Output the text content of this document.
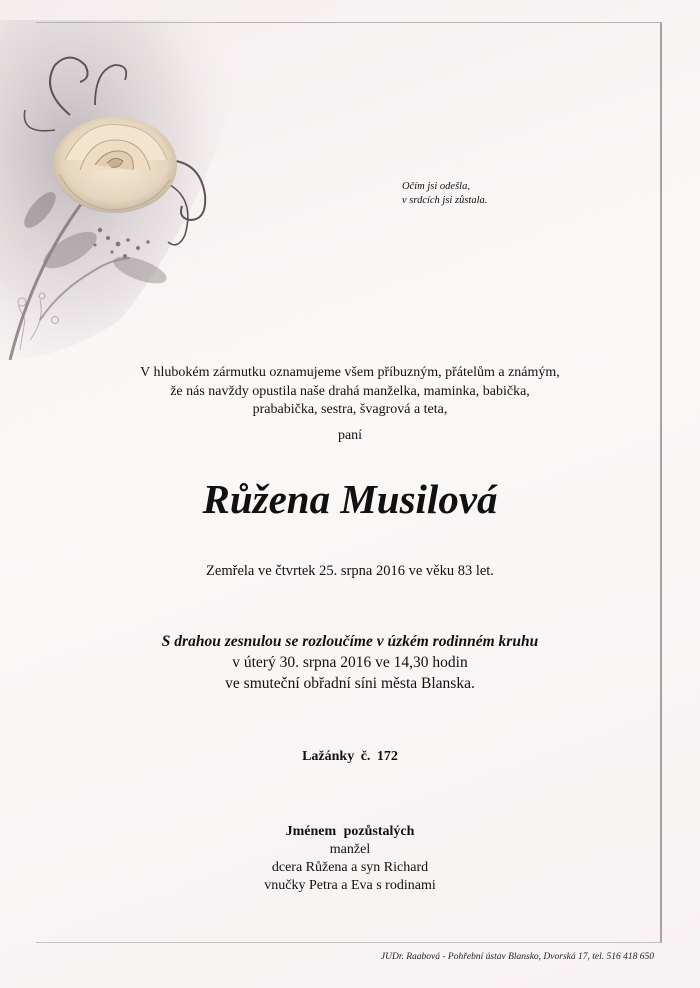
Očím jsi odešla,
v srdcích jsi zůstala.
V hlubokém zármutku oznamujeme všem příbuzným, přátelům a známým,
že nás navždy opustila naše drahá manželka, maminka, babička,
prababička, sestra, švagrová a teta,
paní
Růžena Musilová
Zemřela ve čtvrtek 25. srpna 2016 ve věku 83 let.
S drahou zesnulou se rozloučíme v úzkém rodinném kruhu
v úterý 30. srpna 2016 ve 14,30 hodin
ve smuteční obřadní síni města Blanska.
Lažánky č. 172
Jménem pozůstalých
manžel
dcera Růžena a syn Richard
vnučky Petra a Eva s rodinami
JUDr. Raabová - Pohřební ústav Blansko, Dvorská 17, tel. 516 418 650
